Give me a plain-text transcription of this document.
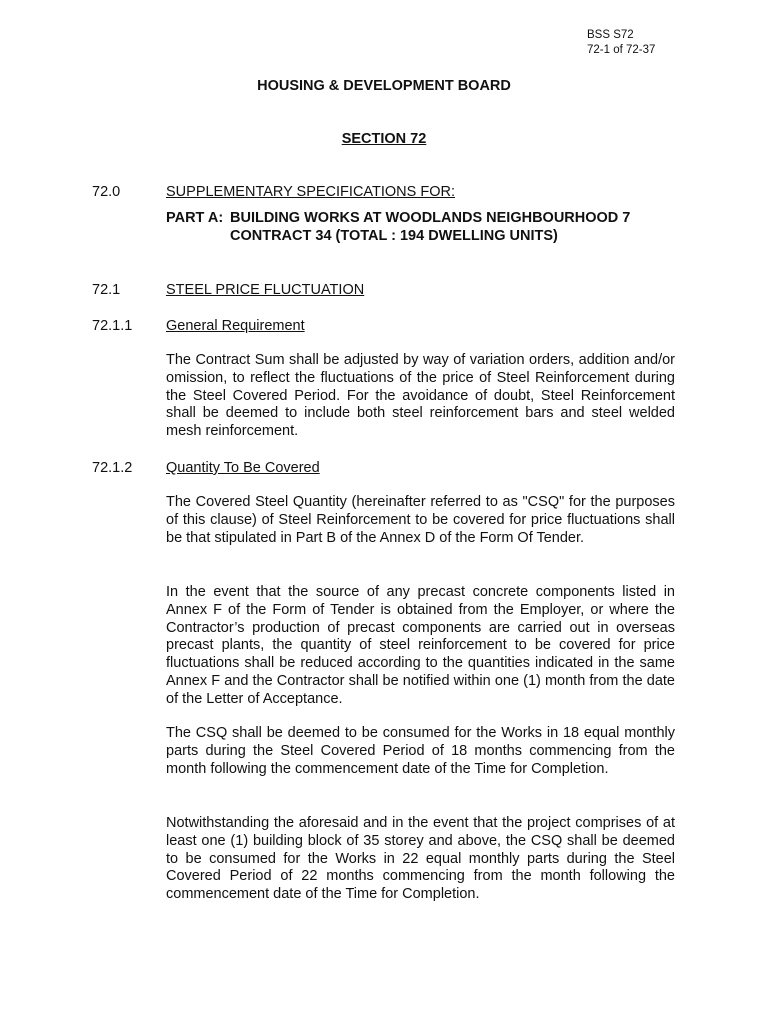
BSS S72
72-1 of 72-37
HOUSING & DEVELOPMENT BOARD
SECTION 72
72.0	SUPPLEMENTARY SPECIFICATIONS FOR:
PART A: BUILDING WORKS AT WOODLANDS NEIGHBOURHOOD 7
CONTRACT 34 (TOTAL : 194 DWELLING UNITS)
72.1	STEEL PRICE FLUCTUATION
72.1.1 General Requirement

The Contract Sum shall be adjusted by way of variation orders, addition and/or omission, to reflect the fluctuations of the price of Steel Reinforcement during the Steel Covered Period. For the avoidance of doubt, Steel Reinforcement shall be deemed to include both steel reinforcement bars and steel welded mesh reinforcement.

72.1.2 Quantity To Be Covered

The Covered Steel Quantity (hereinafter referred to as "CSQ" for the purposes of this clause) of Steel Reinforcement to be covered for price fluctuations shall be that stipulated in Part B of the Annex D of the Form Of Tender.

In the event that the source of any precast concrete components listed in Annex F of the Form of Tender is obtained from the Employer, or where the Contractor’s production of precast components are carried out in overseas precast plants, the quantity of steel reinforcement to be covered for price fluctuations shall be reduced according to the quantities indicated in the same Annex F and the Contractor shall be notified within one (1) month from the date of the Letter of Acceptance.

The CSQ shall be deemed to be consumed for the Works in 18 equal monthly parts during the Steel Covered Period of 18 months commencing from the month following the commencement date of the Time for Completion.

Notwithstanding the aforesaid and in the event that the project comprises of at least one (1) building block of 35 storey and above, the CSQ shall be deemed to be consumed for the Works in 22 equal monthly parts during the Steel Covered Period of 22 months commencing from the month following the commencement date of the Time for Completion.
